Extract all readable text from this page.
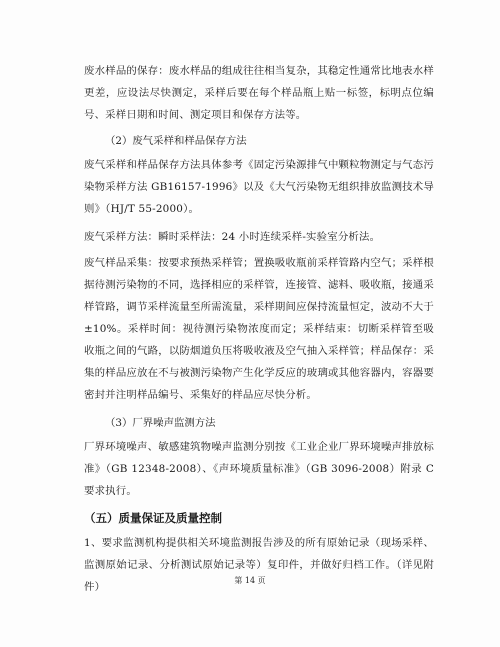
废水样品的保存：废水样品的组成往往相当复杂，其稳定性通常比地表水样更差，应设法尽快测定，采样后要在每个样品瓶上贴一标签，标明点位编号、采样日期和时间、测定项目和保存方法等。

（2）废气采样和样品保存方法

废气采样和样品保存方法具体参考《固定污染源排气中颗粒物测定与气态污染物采样方法 GB16157-1996》以及《大气污染物无组织排放监测技术导则》（HJ/T 55-2000）。

废气采样方法：瞬时采样法：24 小时连续采样-实验室分析法。

废气样品采集：按要求预热采样管；置换吸收瓶前采样管路内空气；采样根据待测污染物的不同，选择相应的采样管，连接管、滤料、吸收瓶，接通采样管路，调节采样流量至所需流量，采样期间应保持流量恒定，波动不大于±10%。采样时间：视待测污染物浓度而定；采样结束：切断采样管至吸收瓶之间的气路，以防烟道负压将吸收液及空气抽入采样管；样品保存：采集的样品应放在不与被测污染物产生化学反应的玻璃或其他容器内，容器要密封并注明样品编号、采集好的样品应尽快分析。

（3）厂界噪声监测方法

厂界环境噪声、敏感建筑物噪声监测分别按《工业企业厂界环境噪声排放标准》（GB 12348-2008）、《声环境质量标准》（GB 3096-2008）附录 C 要求执行。

（五）质量保证及质量控制

1、要求监测机构提供相关环境监测报告涉及的所有原始记录（现场采样、监测原始记录、分析测试原始记录等）复印件，并做好归档工作。（详见附件）

第 14 页
